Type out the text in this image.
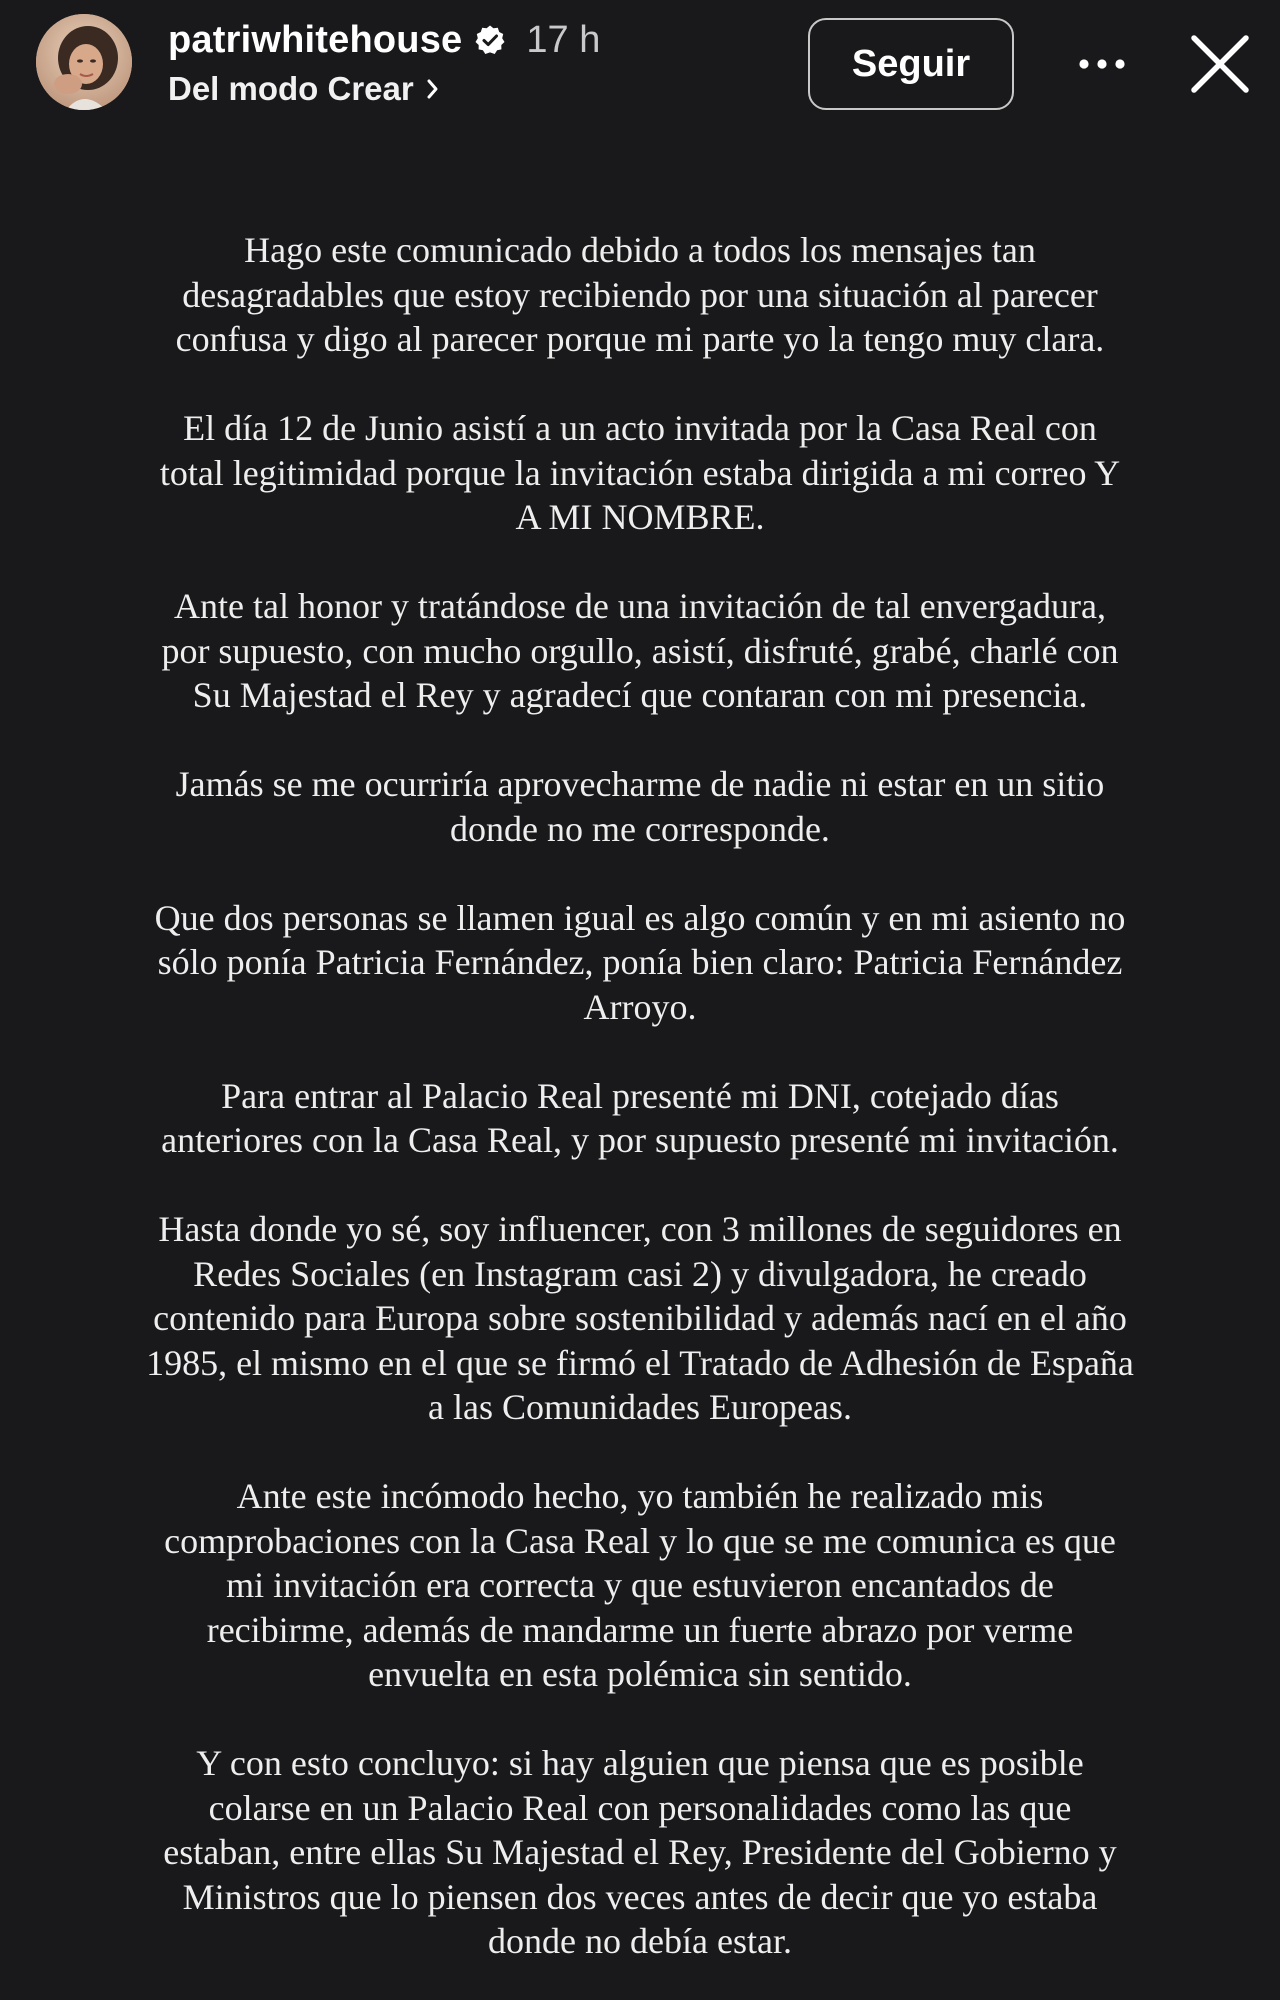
patriwhitehouse 17 h
Del modo Crear
Seguir

Hago este comunicado debido a todos los mensajes tan
desagradables que estoy recibiendo por una situación al parecer
confusa y digo al parecer porque mi parte yo la tengo muy clara.

El día 12 de Junio asistí a un acto invitada por la Casa Real con
total legitimidad porque la invitación estaba dirigida a mi correo Y
A MI NOMBRE.

Ante tal honor y tratándose de una invitación de tal envergadura,
por supuesto, con mucho orgullo, asistí, disfruté, grabé, charlé con
Su Majestad el Rey y agradecí que contaran con mi presencia.

Jamás se me ocurriría aprovecharme de nadie ni estar en un sitio
donde no me corresponde.

Que dos personas se llamen igual es algo común y en mi asiento no
sólo ponía Patricia Fernández, ponía bien claro: Patricia Fernández
Arroyo.

Para entrar al Palacio Real presenté mi DNI, cotejado días
anteriores con la Casa Real, y por supuesto presenté mi invitación.

Hasta donde yo sé, soy influencer, con 3 millones de seguidores en
Redes Sociales (en Instagram casi 2) y divulgadora, he creado
contenido para Europa sobre sostenibilidad y además nací en el año
1985, el mismo en el que se firmó el Tratado de Adhesión de España
a las Comunidades Europeas.

Ante este incómodo hecho, yo también he realizado mis
comprobaciones con la Casa Real y lo que se me comunica es que
mi invitación era correcta y que estuvieron encantados de
recibirme, además de mandarme un fuerte abrazo por verme
envuelta en esta polémica sin sentido.

Y con esto concluyo: si hay alguien que piensa que es posible
colarse en un Palacio Real con personalidades como las que
estaban, entre ellas Su Majestad el Rey, Presidente del Gobierno y
Ministros que lo piensen dos veces antes de decir que yo estaba
donde no debía estar.
